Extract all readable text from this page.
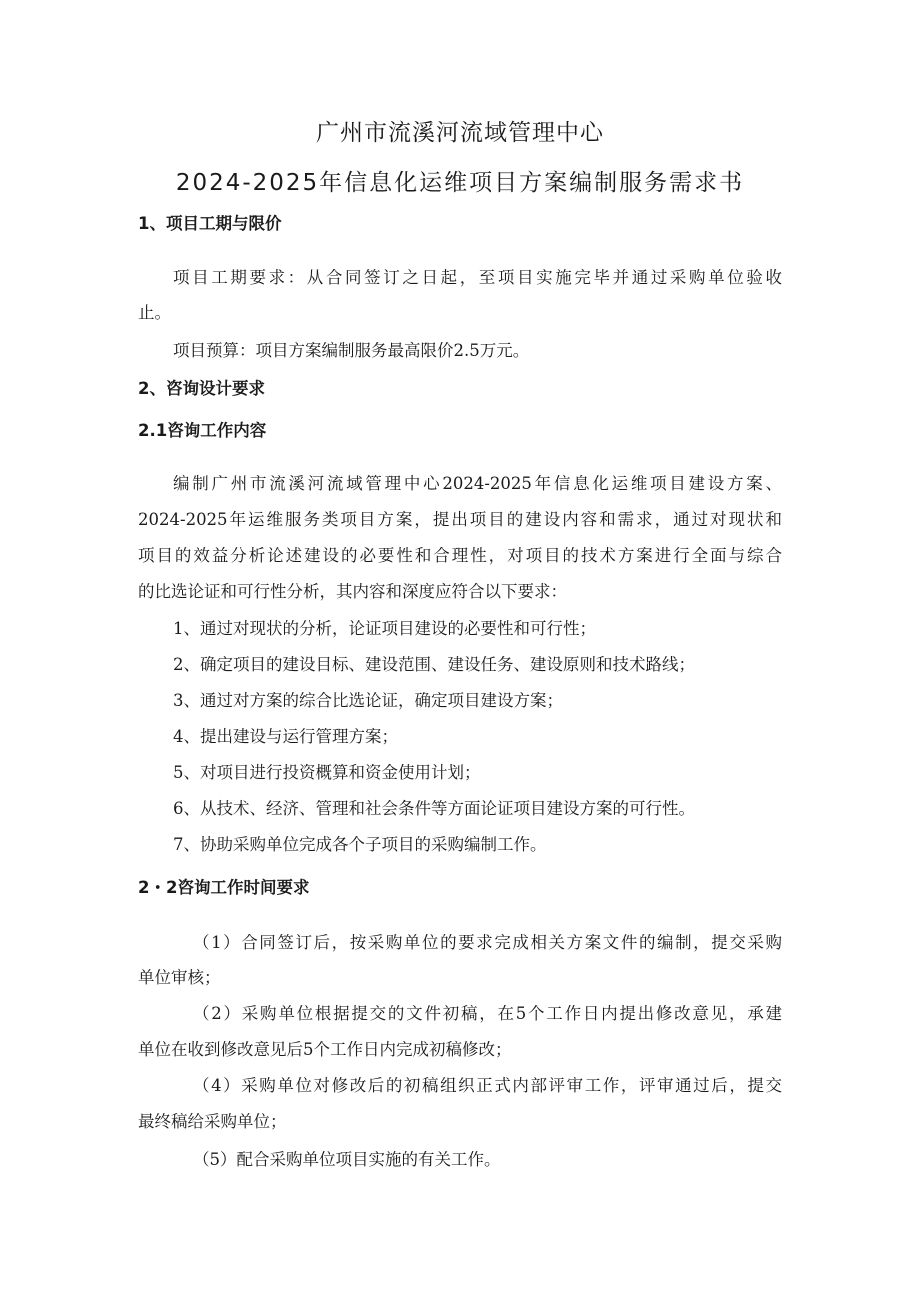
广州市流溪河流域管理中心
2024-2025年信息化运维项目方案编制服务需求书
1、项目工期与限价
项目工期要求：从合同签订之日起，至项目实施完毕并通过采购单位验收
止。
项目预算：项目方案编制服务最高限价2.5万元。
2、咨询设计要求
2.1咨询工作内容
编制广州市流溪河流域管理中心2024-2025年信息化运维项目建设方案、
2024-2025年运维服务类项目方案，提出项目的建设内容和需求，通过对现状和
项目的效益分析论述建设的必要性和合理性，对项目的技术方案进行全面与综合
的比选论证和可行性分析，其内容和深度应符合以下要求：
1、通过对现状的分析，论证项目建设的必要性和可行性；
2、确定项目的建设目标、建设范围、建设任务、建设原则和技术路线；
3、通过对方案的综合比选论证，确定项目建设方案；
4、提出建设与运行管理方案；
5、对项目进行投资概算和资金使用计划；
6、从技术、经济、管理和社会条件等方面论证项目建设方案的可行性。
7、协助采购单位完成各个子项目的采购编制工作。
2・2咨询工作时间要求
（1）合同签订后，按采购单位的要求完成相关方案文件的编制，提交采购
单位审核；
（2）采购单位根据提交的文件初稿，在5个工作日内提出修改意见，承建
单位在收到修改意见后5个工作日内完成初稿修改；
（4）采购单位对修改后的初稿组织正式内部评审工作，评审通过后，提交
最终稿给采购单位；
（5）配合采购单位项目实施的有关工作。
